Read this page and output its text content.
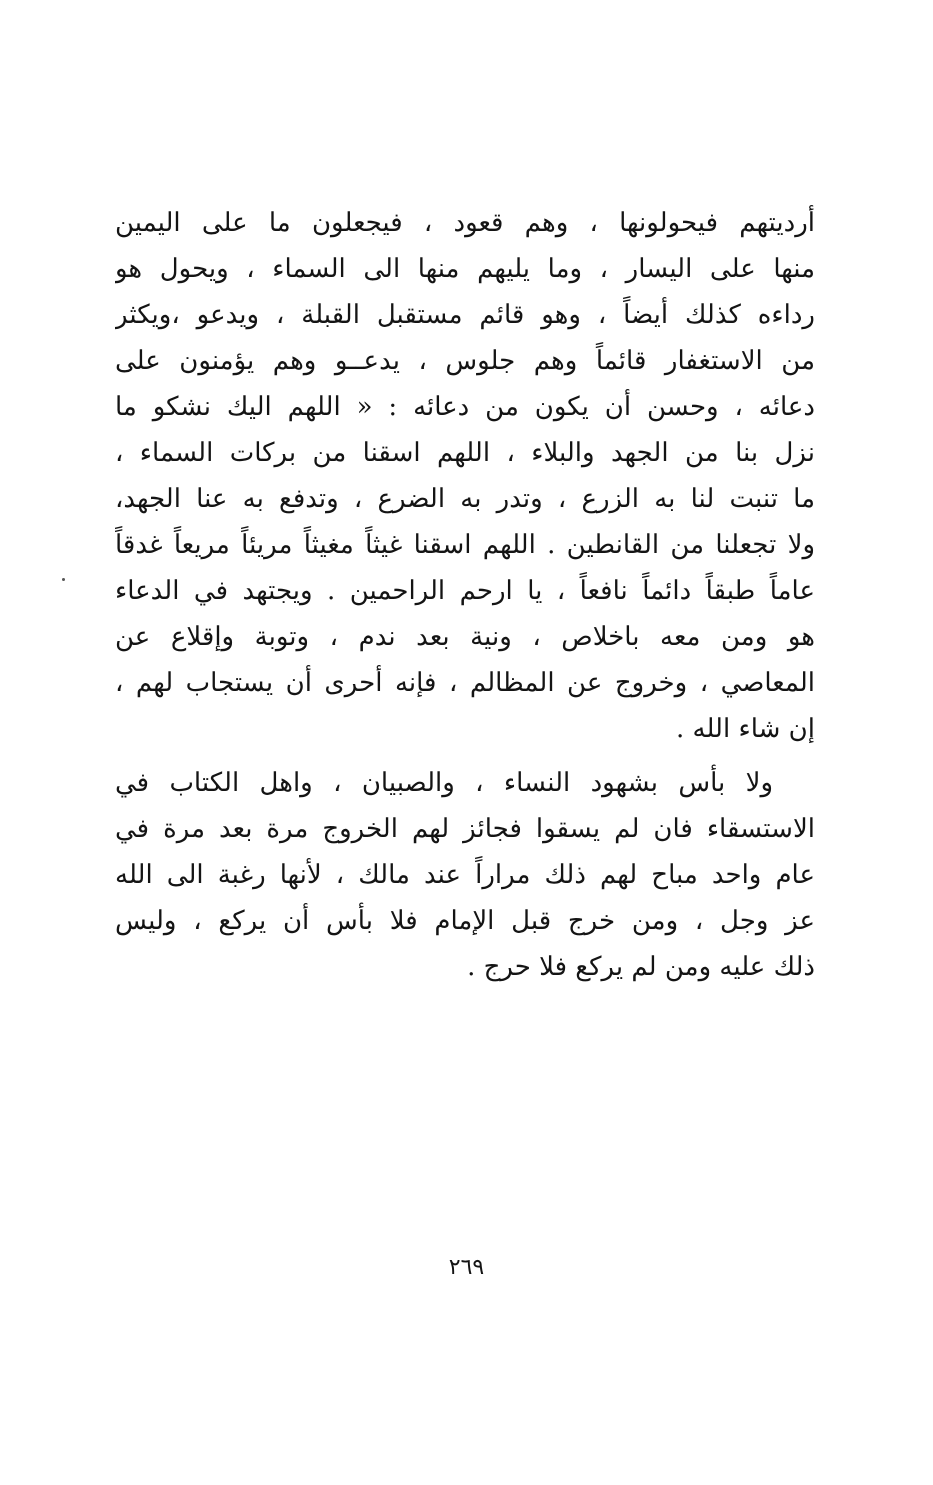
أرديتهم فيحولونها ، وهم قعود ، فيجعلون ما على اليمين
منها على اليسار ، وما يليهم منها الى السماء ، ويحول هو
رداءه كذلك أيضاً ، وهو قائم مستقبل القبلة ، ويدعو ،ويكثر
من الاستغفار قائماً وهم جلوس ، يدعــو وهم يؤمنون على
دعائه ، وحسن أن يكون من دعائه : « اللهم اليك نشكو ما
نزل بنا من الجهد والبلاء ، اللهم اسقنا من بركات السماء ،
ما تنبت لنا به الزرع ، وتدر به الضرع ، وتدفع به عنا الجهد،
ولا تجعلنا من القانطين . اللهم اسقنا غيثاً مغيثاً مريئاً مريعاً غدقاً
عاماً طبقاً دائماً نافعاً ، يا ارحم الراحمين . ويجتهد في الدعاء
هو ومن معه باخلاص ، ونية بعد ندم ، وتوبة وإقلاع عن
المعاصي ، وخروج عن المظالم ، فإنه أحرى أن يستجاب لهم ،
إن شاء الله .
ولا بأس بشهود النساء ، والصبيان ، واهل الكتاب في
الاستسقاء فان لم يسقوا فجائز لهم الخروج مرة بعد مرة في
عام واحد مباح لهم ذلك مراراً عند مالك ، لأنها رغبة الى الله
عز وجل ، ومن خرج قبل الإمام فلا بأس أن يركع ، وليس
ذلك عليه ومن لم يركع فلا حرج .
٢٦٩
